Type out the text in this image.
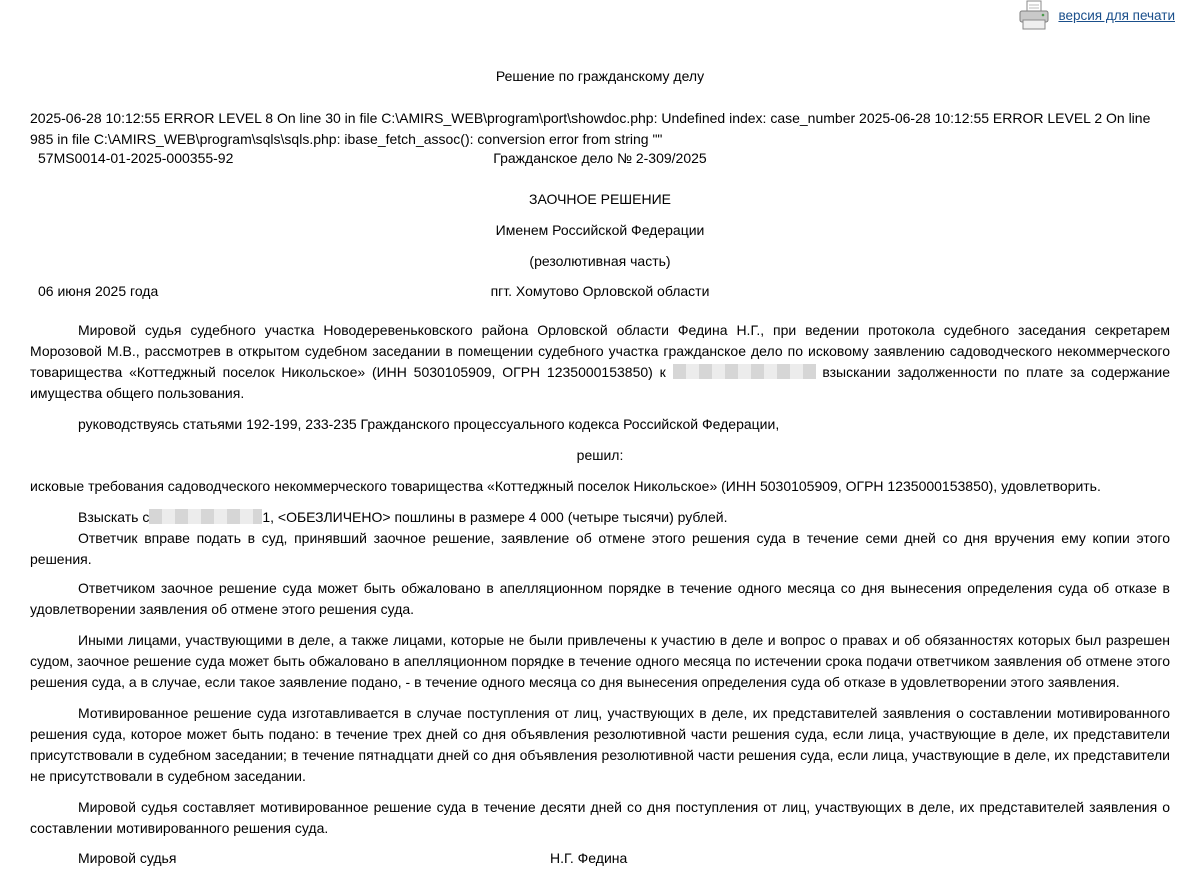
версия для печати
Решение по гражданскому делу
2025-06-28 10:12:55 ERROR LEVEL 8 On line 30 in file C:\AMIRS_WEB\program\port\showdoc.php: Undefined index: case_number 2025-06-28 10:12:55 ERROR LEVEL 2 On line 985 in file C:\AMIRS_WEB\program\sqls\sqls.php: ibase_fetch_assoc(): conversion error from string ""
57MS0014-01-2025-000355-92	Гражданское дело № 2-309/2025
ЗАОЧНОЕ РЕШЕНИЕ
Именем Российской Федерации
(резолютивная часть)
06 июня 2025 года	пгт. Хомутово Орловской области
Мировой судья судебного участка Новодеревеньковского района Орловской области Федина Н.Г., при ведении протокола судебного заседания секретарем Морозовой М.В., рассмотрев в открытом судебном заседании в помещении судебного участка гражданское дело по исковому заявлению садоводческого некоммерческого товарищества «Коттеджный поселок Никольское» (ИНН 5030105909, ОГРН 1235000153850) к	взыскании задолженности по плате за содержание имущества общего пользования.
руководствуясь статьями 192-199, 233-235 Гражданского процессуального кодекса Российской Федерации,
решил:
исковые требования садоводческого некоммерческого товарищества «Коттеджный поселок Никольское» (ИНН 5030105909, ОГРН 1235000153850), удовлетворить.
Взыскать с	1, <ОБЕЗЛИЧЕНО> пошлины в размере 4 000 (четыре тысячи) рублей.
Ответчик вправе подать в суд, принявший заочное решение, заявление об отмене этого решения суда в течение семи дней со дня вручения ему копии этого решения.
Ответчиком заочное решение суда может быть обжаловано в апелляционном порядке в течение одного месяца со дня вынесения определения суда об отказе в удовлетворении заявления об отмене этого решения суда.
Иными лицами, участвующими в деле, а также лицами, которые не были привлечены к участию в деле и вопрос о правах и об обязанностях которых был разрешен судом, заочное решение суда может быть обжаловано в апелляционном порядке в течение одного месяца по истечении срока подачи ответчиком заявления об отмене этого решения суда, а в случае, если такое заявление подано, - в течение одного месяца со дня вынесения определения суда об отказе в удовлетворении этого заявления.
Мотивированное решение суда изготавливается в случае поступления от лиц, участвующих в деле, их представителей заявления о составлении мотивированного решения суда, которое может быть подано: в течение трех дней со дня объявления резолютивной части решения суда, если лица, участвующие в деле, их представители присутствовали в судебном заседании; в течение пятнадцати дней со дня объявления резолютивной части решения суда, если лица, участвующие в деле, их представители не присутствовали в судебном заседании.
Мировой судья составляет мотивированное решение суда в течение десяти дней со дня поступления от лиц, участвующих в деле, их представителей заявления о составлении мотивированного решения суда.
Мировой судья	Н.Г. Федина
